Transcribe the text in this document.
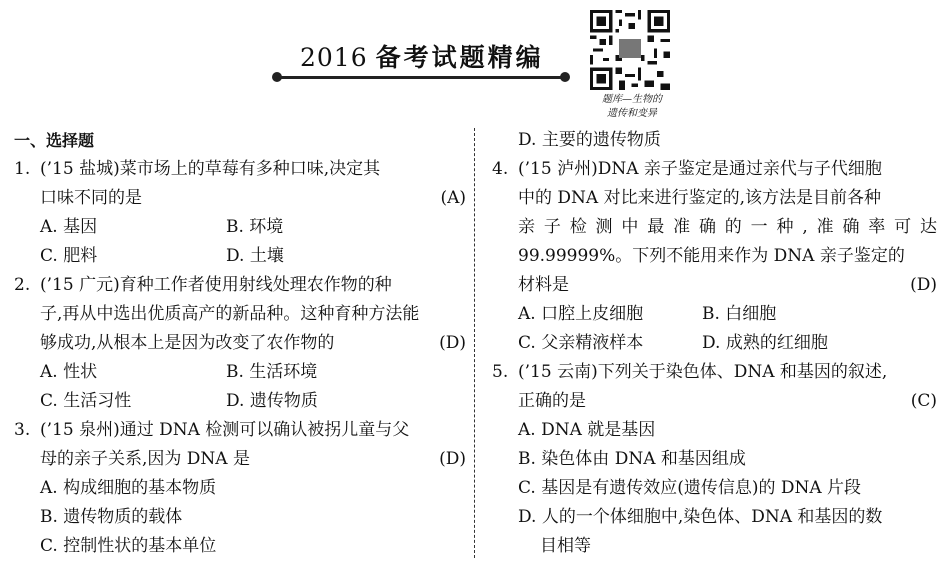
2016 备考试题精编
题库—生物的
遗传和变异
一、选择题
1. (’15 盐城)菜市场上的草莓有多种口味,决定其
口味不同的是	(A)
A. 基因	B. 环境
C. 肥料	D. 土壤
2. (’15 广元)育种工作者使用射线处理农作物的种
子,再从中选出优质高产的新品种。这种育种方法能
够成功,从根本上是因为改变了农作物的	(D)
A. 性状	B. 生活环境
C. 生活习性	D. 遗传物质
3. (’15 泉州)通过 DNA 检测可以确认被拐儿童与父
母的亲子关系,因为 DNA 是	(D)
A. 构成细胞的基本物质
B. 遗传物质的载体
C. 控制性状的基本单位
D. 主要的遗传物质
4. (’15 泸州)DNA 亲子鉴定是通过亲代与子代细胞
中的 DNA 对比来进行鉴定的,该方法是目前各种
亲子检测中最准确的一种,准确率可达
99.99999%。下列不能用来作为 DNA 亲子鉴定的
材料是	(D)
A. 口腔上皮细胞	B. 白细胞
C. 父亲精液样本	D. 成熟的红细胞
5. (’15 云南)下列关于染色体、DNA 和基因的叙述,
正确的是	(C)
A. DNA 就是基因
B. 染色体由 DNA 和基因组成
C. 基因是有遗传效应(遗传信息)的 DNA 片段
D. 人的一个体细胞中,染色体、DNA 和基因的数
目相等
